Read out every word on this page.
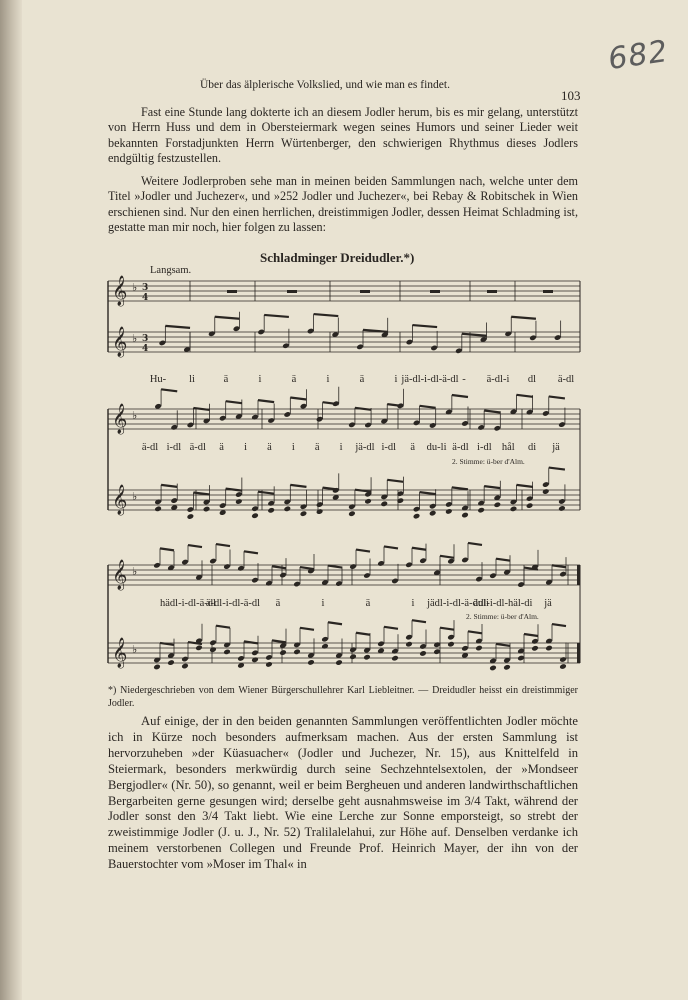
682
Über das älplerische Volkslied, und wie man es findet.
103

Fast eine Stunde lang dokterte ich an diesem Jodler herum, bis es mir gelang, unterstützt von Herrn Huss und dem in Obersteiermark wegen seines Humors und seiner Lieder weit bekannten Forstadjunkten Herrn Würtenberger, den schwierigen Rhythmus dieses Jodlers endgültig festzustellen.

Weitere Jodlerproben sehe man in meinen beiden Sammlungen nach, welche unter dem Titel »Jodler und Juchezer«, und »252 Jodler und Juchezer«, bei Rebay & Robitschek in Wien erschienen sind. Nur den einen herrlichen, dreistimmigen Jodler, dessen Heimat Schladming ist, gestatte man mir noch, hier folgen zu lassen:

Schladminger Dreidudler.*)
Langsam.
𝄞 ♭ 3
4
𝄞 ♭ 3
4
𝄞 ♭
𝄞 ♭
𝄞 ♭
𝄞 ♭
Hu- li	ä	i	ä	i	ä	i jä-dl-i-dl-ä-dl - ä-dl-i dl ä-dl
ä-dl i-dl ä-dl ä i ä i ä i jä-dl i-dl ä du-li ä-dl i-dl hål di jä
hädl-i-dl-ä-dl
ä-dl-i-dl-ä-dl ä	i	ä	i jädl-i-dl-ä-duli
ädl-i-dl-häl-di jä
2. Stimme: ü-ber d'Alm.
2. Stimme: ü-ber d'Alm.

*) Niedergeschrieben von dem Wiener Bürgerschullehrer Karl Liebleitner. — Dreidudler heisst ein dreistimmiger Jodler.

Auf einige, der in den beiden genannten Sammlungen veröffentlichten Jodler möchte ich in Kürze noch besonders aufmerksam machen. Aus der ersten Sammlung ist hervorzuheben »der Küasuacher« (Jodler und Juchezer, Nr. 15), aus Knittelfeld in Steiermark, besonders merkwürdig durch seine Sechzehntelsextolen, der »Mondseer Bergjodler« (Nr. 50), so genannt, weil er beim Bergheuen und anderen landwirthschaftlichen Bergarbeiten gerne gesungen wird; derselbe geht ausnahmsweise im 3/4 Takt, während der Jodler sonst den 3/4 Takt liebt. Wie eine Lerche zur Sonne emporsteigt, so strebt der zweistimmige Jodler (J. u. J., Nr. 52) Tralilalelahui, zur Höhe auf. Denselben verdanke ich meinem verstorbenen Collegen und Freunde Prof. Heinrich Mayer, der ihn von der Bauerstochter vom »Moser im Thal« in
